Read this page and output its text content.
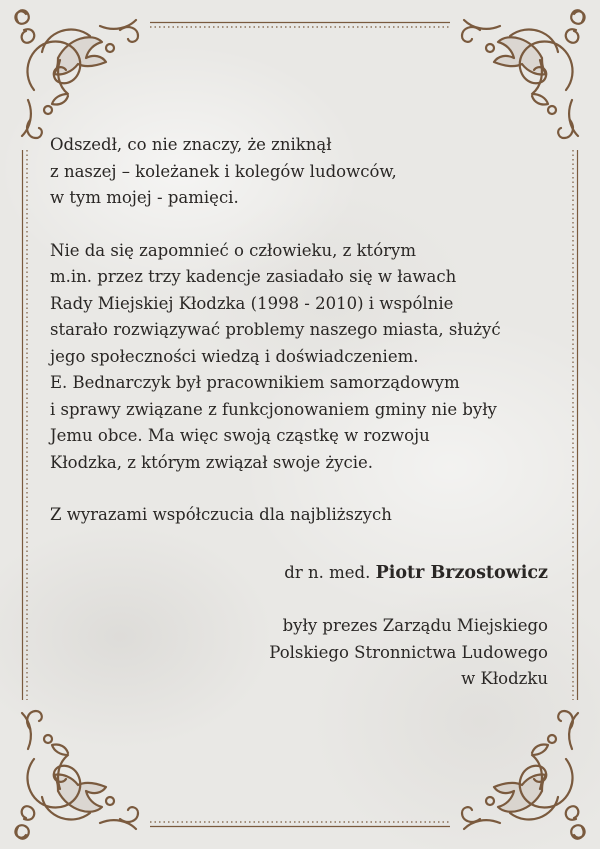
Odszedł, co nie znaczy, że zniknął
z naszej – koleżanek i kolegów ludowców,
w tym mojej - pamięci.
Nie da się zapomnieć o człowieku, z którym
m.in. przez trzy kadencje zasiadało się w ławach
Rady Miejskiej Kłodzka (1998 - 2010) i wspólnie
starało rozwiązywać problemy naszego miasta, służyć
jego społeczności wiedzą i doświadczeniem.
E. Bednarczyk był pracownikiem samorządowym
i sprawy związane z funkcjonowaniem gminy nie były
Jemu obce. Ma więc swoją cząstkę w rozwoju
Kłodzka, z którym związał swoje życie.
Z wyrazami współczucia dla najbliższych
dr n. med. Piotr Brzostowicz
były prezes Zarządu Miejskiego
Polskiego Stronnictwa Ludowego
w Kłodzku
